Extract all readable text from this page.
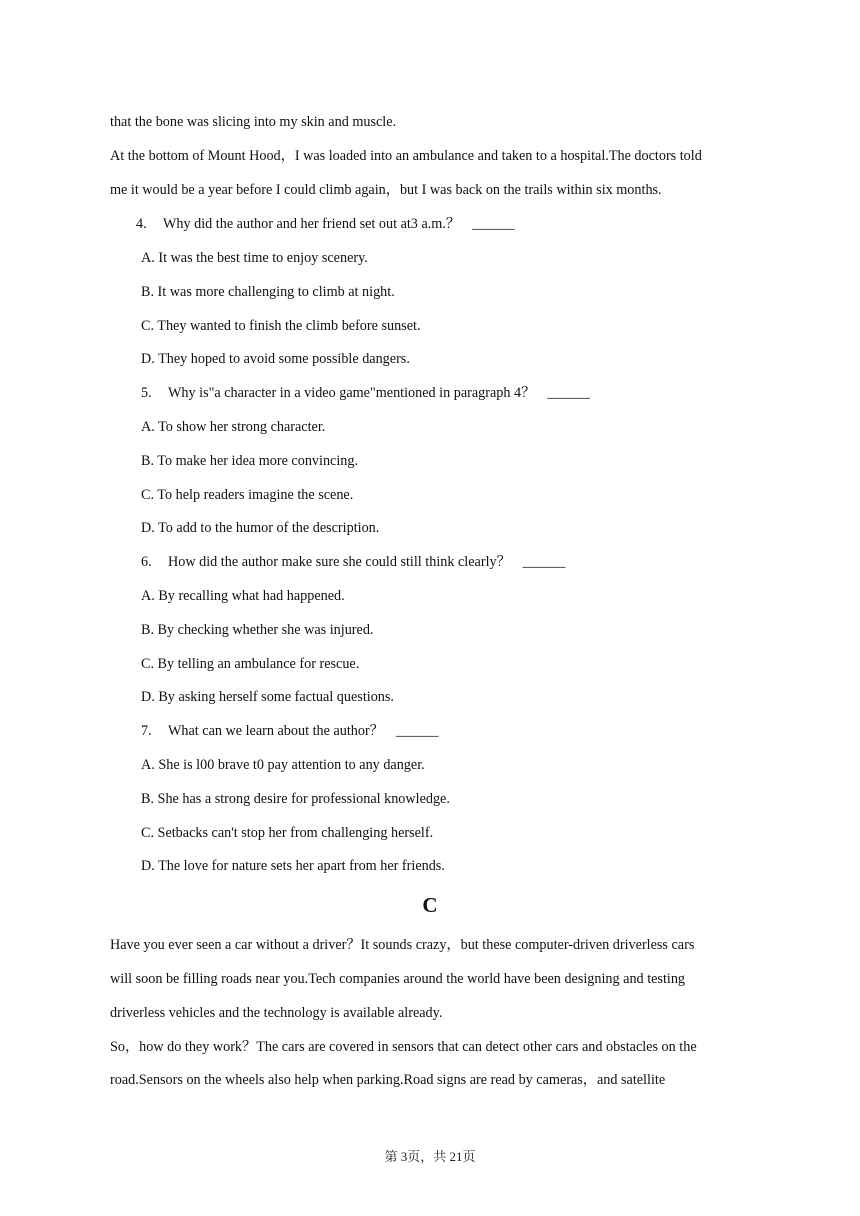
that the bone was slicing into my skin and muscle.
At the bottom of Mount Hood，I was loaded into an ambulance and taken to a hospital.The doctors told
me it would be a year before I could climb again，but I was back on the trails within six months.
4. Why did the author and her friend set out at3 a.m.？ ______
A. It was the best time to enjoy scenery.
B. It was more challenging to climb at night.
C. They wanted to finish the climb before sunset.
D. They hoped to avoid some possible dangers.
5. Why is"a character in a video game"mentioned in paragraph 4？ ______
A. To show her strong character.
B. To make her idea more convincing.
C. To help readers imagine the scene.
D. To add to the humor of the description.
6. How did the author make sure she could still think clearly？ ______
A. By recalling what had happened.
B. By checking whether she was injured.
C. By telling an ambulance for rescue.
D. By asking herself some factual questions.
7. What can we learn about the author？ ______
A. She is l00 brave t0 pay attention to any danger.
B. She has a strong desire for professional knowledge.
C. Setbacks can't stop her from challenging herself.
D. The love for nature sets her apart from her friends.
C
Have you ever seen a car without a driver？It sounds crazy，but these computer-driven driverless cars
will soon be filling roads near you.Tech companies around the world have been designing and testing
driverless vehicles and the technology is available already.
So，how do they work？The cars are covered in sensors that can detect other cars and obstacles on the
road.Sensors on the wheels also help when parking.Road signs are read by cameras，and satellite
第 3页，共 21页
